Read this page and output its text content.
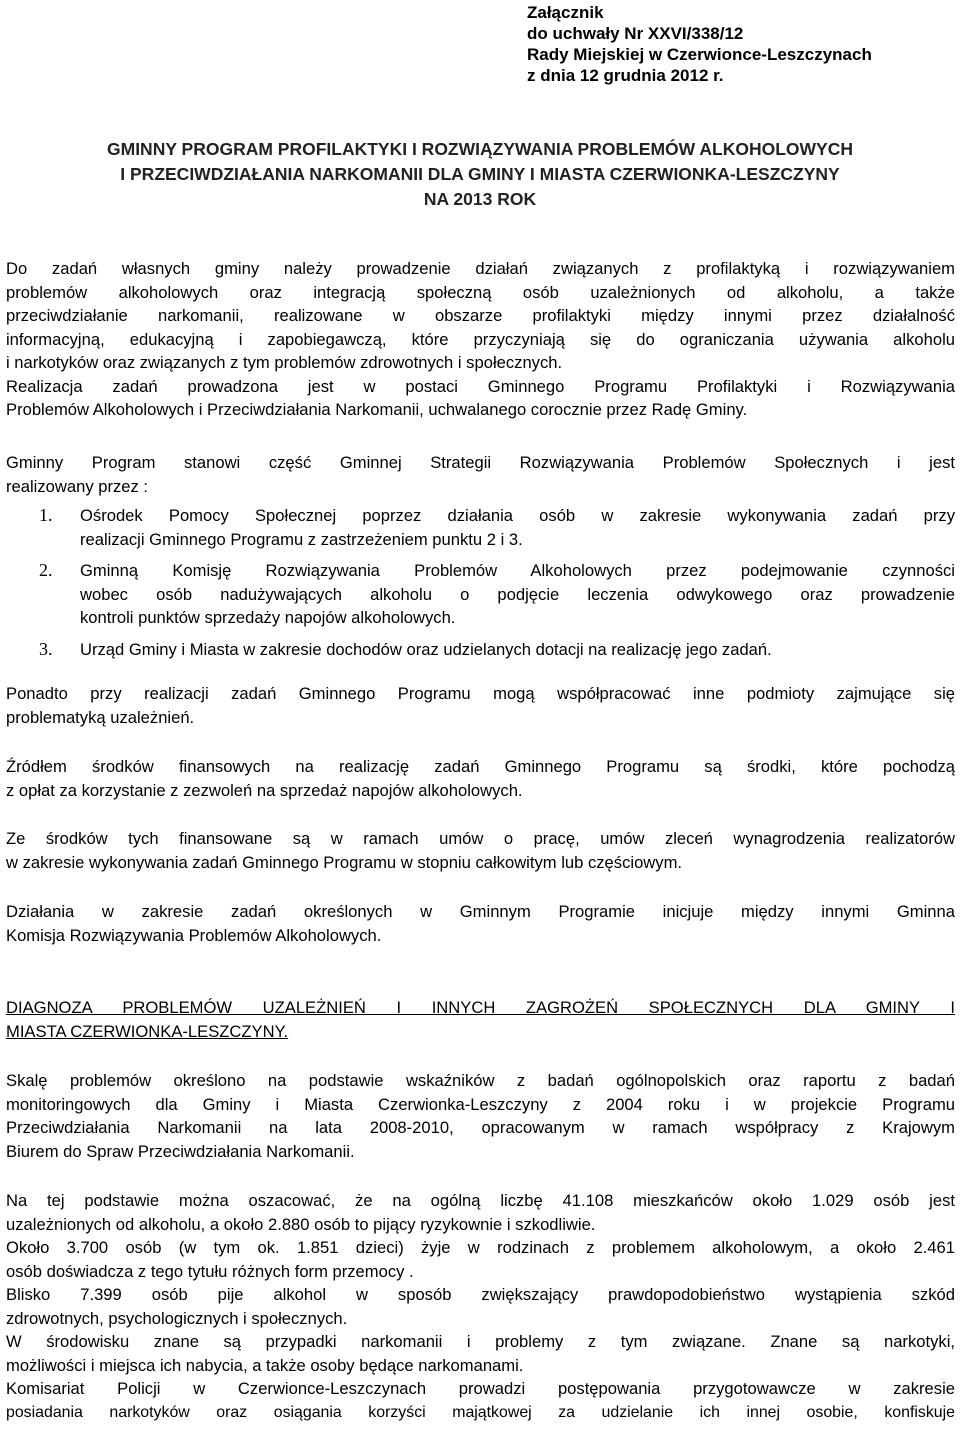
Załącznik
do uchwały Nr XXVI/338/12
Rady Miejskiej w Czerwionce-Leszczynach
z dnia 12 grudnia 2012 r.
GMINNY PROGRAM PROFILAKTYKI I ROZWIĄZYWANIA PROBLEMÓW ALKOHOLOWYCH
I PRZECIWDZIAŁANIA NARKOMANII DLA GMINY I MIASTA CZERWIONKA-LESZCZYNY
NA 2013 ROK
Do zadań własnych gminy należy prowadzenie działań związanych z profilaktyką i rozwiązywaniem
problemów alkoholowych oraz integracją społeczną osób uzależnionych od alkoholu, a także
przeciwdziałanie narkomanii, realizowane w obszarze profilaktyki między innymi przez działalność
informacyjną, edukacyjną i zapobiegawczą, które przyczyniają się do ograniczania używania alkoholu
i narkotyków oraz związanych z tym problemów zdrowotnych i społecznych.
Realizacja zadań prowadzona jest w postaci Gminnego Programu Profilaktyki i Rozwiązywania
Problemów Alkoholowych i Przeciwdziałania Narkomanii, uchwalanego corocznie przez Radę Gminy.
Gminny Program stanowi część Gminnej Strategii Rozwiązywania Problemów Społecznych i jest
realizowany przez :
1. Ośrodek Pomocy Społecznej poprzez działania osób w zakresie wykonywania zadań przy
realizacji Gminnego Programu z zastrzeżeniem punktu 2 i 3.
2. Gminną Komisję Rozwiązywania Problemów Alkoholowych przez podejmowanie czynności
wobec osób nadużywających alkoholu o podjęcie leczenia odwykowego oraz prowadzenie
kontroli punktów sprzedaży napojów alkoholowych.
3. Urząd Gminy i Miasta w zakresie dochodów oraz udzielanych dotacji na realizację jego zadań.
Ponadto przy realizacji zadań Gminnego Programu mogą współpracować inne podmioty zajmujące się
problematyką uzależnień.
Źródłem środków finansowych na realizację zadań Gminnego Programu są środki, które pochodzą
z opłat za korzystanie z zezwoleń na sprzedaż napojów alkoholowych.
Ze środków tych finansowane są w ramach umów o pracę, umów zleceń wynagrodzenia realizatorów
w zakresie wykonywania zadań Gminnego Programu w stopniu całkowitym lub częściowym.
Działania w zakresie zadań określonych w Gminnym Programie inicjuje między innymi Gminna
Komisja Rozwiązywania Problemów Alkoholowych.
DIAGNOZA PROBLEMÓW UZALEŻNIEŃ I INNYCH ZAGROŻEŃ SPOŁECZNYCH DLA GMINY I
MIASTA CZERWIONKA-LESZCZYNY.
Skalę problemów określono na podstawie wskaźników z badań ogólnopolskich oraz raportu z badań
monitoringowych dla Gminy i Miasta Czerwionka-Leszczyny z 2004 roku i w projekcie Programu
Przeciwdziałania Narkomanii na lata 2008-2010, opracowanym w ramach współpracy z Krajowym
Biurem do Spraw Przeciwdziałania Narkomanii.
Na tej podstawie można oszacować, że na ogólną liczbę 41.108 mieszkańców około 1.029 osób jest
uzależnionych od alkoholu, a około 2.880 osób to pijący ryzykownie i szkodliwie.
Około 3.700 osób (w tym ok. 1.851 dzieci) żyje w rodzinach z problemem alkoholowym, a około 2.461
osób doświadcza z tego tytułu różnych form przemocy .
Blisko 7.399 osób pije alkohol w sposób zwiększający prawdopodobieństwo wystąpienia szkód
zdrowotnych, psychologicznych i społecznych.
W środowisku znane są przypadki narkomanii i problemy z tym związane. Znane są narkotyki,
możliwości i miejsca ich nabycia, a także osoby będące narkomanami.
Komisariat Policji w Czerwionce-Leszczynach prowadzi postępowania przygotowawcze w zakresie
posiadania narkotyków oraz osiągania korzyści majątkowej za udzielanie ich innej osobie, konfiskuje
